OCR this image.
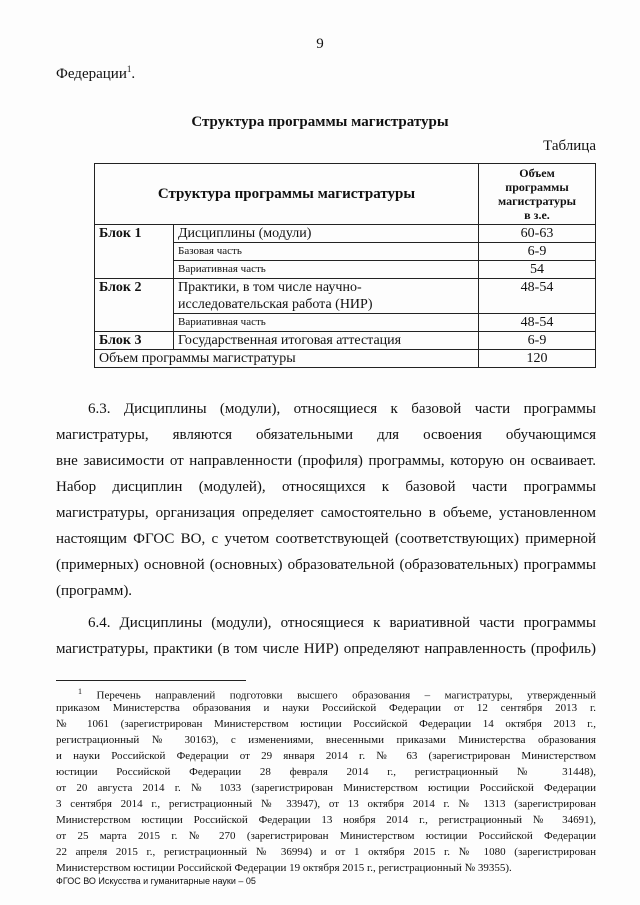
9
Федерации$^1$.
Структура программы магистратуры
Таблица
Структура программы магистратуры		Объем
программы
магистратуры
в з.е.

Блок 1	Дисциплины (модули)	60-63
	Базовая часть	6-9
	Вариативная часть	54
Блок 2	Практики, в том числе научно-
исследовательская работа (НИР)	48-54
	Вариативная часть	48-54
Блок 3	Государственная итоговая аттестация	6-9
Объем программы магистратуры		120
6.3. Дисциплины (модули), относящиеся к базовой части программы
магистратуры, являются обязательными для освоения обучающимся
вне зависимости от направленности (профиля) программы, которую он осваивает.
Набор дисциплин (модулей), относящихся к базовой части программы
магистратуры, организация определяет самостоятельно в объеме, установленном
настоящим ФГОС ВО, с учетом соответствующей (соответствующих) примерной
(примерных) основной (основных) образовательной (образовательных) программы
(программ).
6.4. Дисциплины (модули), относящиеся к вариативной части программы
магистратуры, практики (в том числе НИР) определяют направленность (профиль)
$^1$ Перечень направлений подготовки высшего образования – магистратуры, утвержденный
приказом Министерства образования и науки Российской Федерации от 12 сентября 2013 г.
№ 1061 (зарегистрирован Министерством юстиции Российской Федерации 14 октября 2013 г.,
регистрационный № 30163), с изменениями, внесенными приказами Министерства образования
и науки Российской Федерации от 29 января 2014 г. № 63 (зарегистрирован Министерством
юстиции Российской Федерации 28 февраля 2014 г., регистрационный № 31448),
от 20 августа 2014 г. № 1033 (зарегистрирован Министерством юстиции Российской Федерации
3 сентября 2014 г., регистрационный № 33947), от 13 октября 2014 г. № 1313 (зарегистрирован
Министерством юстиции Российской Федерации 13 ноября 2014 г., регистрационный № 34691),
от 25 марта 2015 г. № 270 (зарегистрирован Министерством юстиции Российской Федерации
22 апреля 2015 г., регистрационный № 36994) и от 1 октября 2015 г. № 1080 (зарегистрирован
Министерством юстиции Российской Федерации 19 октября 2015 г., регистрационный № 39355).
ФГОС ВО Искусства и гуманитарные науки – 05
